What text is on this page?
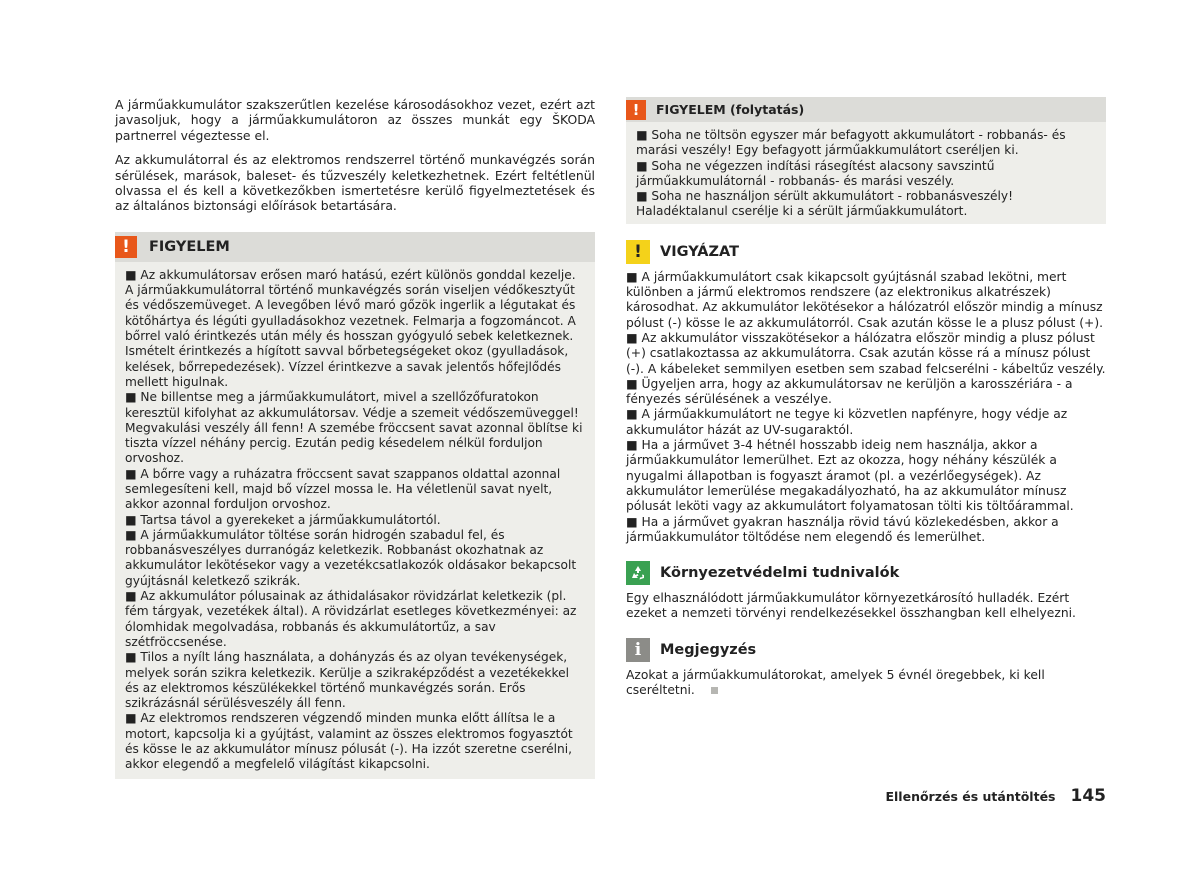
A járműakkumulátor szakszerűtlen kezelése károsodásokhoz vezet, ezért azt javasoljuk, hogy a járműakkumulátoron az összes munkát egy ŠKODA partnerrel végeztesse el.

Az akkumulátorral és az elektromos rendszerrel történő munkavégzés során sérülések, marások, baleset- és tűzveszély keletkezhetnek. Ezért feltétlenül olvassa el és kell a következőkben ismertetésre kerülő figyelmeztetések és az általános biztonsági előírások betartására.

!	FIGYELEM

■ Az akkumulátorsav erősen maró hatású, ezért különös gonddal kezelje. A járműakkumulátorral történő munkavégzés során viseljen védőkesztyűt és védőszemüveget. A levegőben lévő maró gőzök ingerlik a légutakat és kötőhártya és légúti gyulladásokhoz vezetnek. Felmarja a fogzománcot. A bőrrel való érintkezés után mély és hosszan gyógyuló sebek keletkeznek. Ismételt érintkezés a hígított savval bőrbetegségeket okoz (gyulladások, kelések, bőrrepedezések). Vízzel érintkezve a savak jelentős hőfejlődés mellett higulnak.

■ Ne billentse meg a járműakkumulátort, mivel a szellőzőfuratokon keresztül kifolyhat az akkumulátorsav. Védje a szemeit védőszemüveggel! Megvakulási veszély áll fenn! A szemébe fröccsent savat azonnal öblítse ki tiszta vízzel néhány percig. Ezután pedig késedelem nélkül forduljon orvoshoz.

■ A bőrre vagy a ruházatra fröccsent savat szappanos oldattal azonnal semlegesíteni kell, majd bő vízzel mossa le. Ha véletlenül savat nyelt, akkor azonnal forduljon orvoshoz.

■ Tartsa távol a gyerekeket a járműakkumulátortól.

■ A járműakkumulátor töltése során hidrogén szabadul fel, és robbanásveszélyes durranógáz keletkezik. Robbanást okozhatnak az akkumulátor lekötésekor vagy a vezetékcsatlakozók oldásakor bekapcsolt gyújtásnál keletkező szikrák.

■ Az akkumulátor pólusainak az áthidalásakor rövidzárlat keletkezik (pl. fém tárgyak, vezetékek által). A rövidzárlat esetleges következményei: az ólomhidak megolvadása, robbanás és akkumulátortűz, a sav szétfröccsenése.

■ Tilos a nyílt láng használata, a dohányzás és az olyan tevékenységek, melyek során szikra keletkezik. Kerülje a szikraképződést a vezetékekkel és az elektromos készülékekkel történő munkavégzés során. Erős szikrázásnál sérülésveszély áll fenn.

■ Az elektromos rendszeren végzendő minden munka előtt állítsa le a motort, kapcsolja ki a gyújtást, valamint az összes elektromos fogyasztót és kösse le az akkumulátor mínusz pólusát (-). Ha izzót szeretne cserélni, akkor elegendő a megfelelő világítást kikapcsolni.

!	FIGYELEM (folytatás)

■ Soha ne töltsön egyszer már befagyott akkumulátort - robbanás- és marási veszély! Egy befagyott járműakkumulátort cseréljen ki.

■ Soha ne végezzen indítási rásegítést alacsony savszintű járműakkumulátornál - robbanás- és marási veszély.

■ Soha ne használjon sérült akkumulátort - robbanásveszély! Haladéktalanul cserélje ki a sérült járműakkumulátort.

!	VIGYÁZAT

■ A járműakkumulátort csak kikapcsolt gyújtásnál szabad lekötni, mert különben a jármű elektromos rendszere (az elektronikus alkatrészek) károsodhat. Az akkumulátor lekötésekor a hálózatról először mindig a mínusz pólust (-) kösse le az akkumulátorról. Csak azután kösse le a plusz pólust (+).

■ Az akkumulátor visszakötésekor a hálózatra először mindig a plusz pólust (+) csatlakoztassa az akkumulátorra. Csak azután kösse rá a mínusz pólust (-). A kábeleket semmilyen esetben sem szabad felcserélni - kábeltűz veszély.

■ Ügyeljen arra, hogy az akkumulátorsav ne kerüljön a karosszériára - a fényezés sérülésének a veszélye.

■ A járműakkumulátort ne tegye ki közvetlen napfényre, hogy védje az akkumulátor házát az UV-sugaraktól.

■ Ha a járművet 3-4 hétnél hosszabb ideig nem használja, akkor a járműakkumulátor lemerülhet. Ezt az okozza, hogy néhány készülék a nyugalmi állapotban is fogyaszt áramot (pl. a vezérlőegységek). Az akkumulátor lemerülése megakadályozható, ha az akkumulátor mínusz pólusát leköti vagy az akkumulátort folyamatosan tölti kis töltőárammal.

■ Ha a járművet gyakran használja rövid távú közlekedésben, akkor a járműakkumulátor töltődése nem elegendő és lemerülhet.

Környezetvédelmi tudnivalók

Egy elhasználódott járműakkumulátor környezetkárosító hulladék. Ezért ezeket a nemzeti törvényi rendelkezésekkel összhangban kell elhelyezni.

i	Megjegyzés

Azokat a járműakkumulátorokat, amelyek 5 évnél öregebbek, ki kell cseréltetni.

Ellenőrzés és utántöltés 145
